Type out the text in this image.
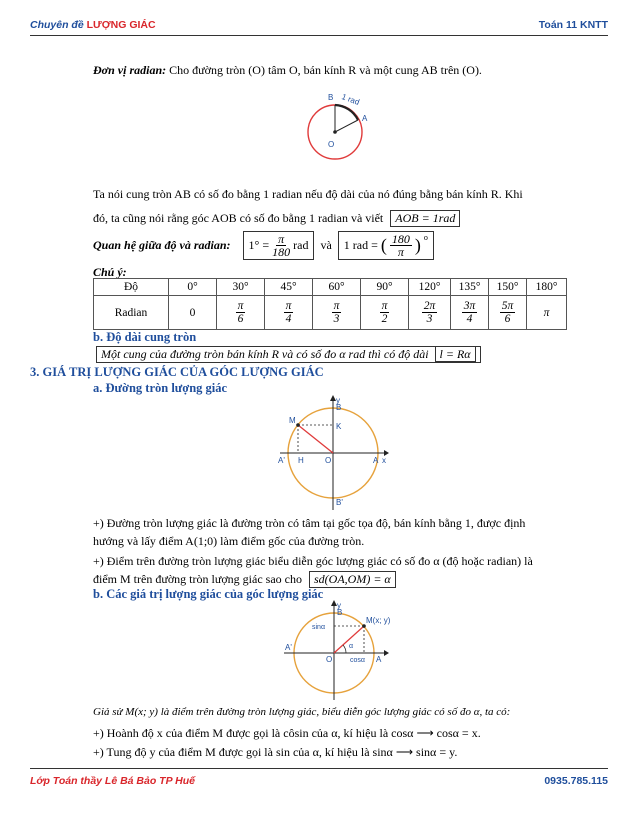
Chuyên đề LƯỢNG GIÁC	Toán 11 KNTT
Đơn vị radian: Cho đường tròn (O) tâm O, bán kính R và một cung AB trên (O).
B 1 rad
A
O
Ta nói cung tròn AB có số đo bằng 1 radian nếu độ dài của nó đúng bằng bán kính R. Khi
đó, ta cũng nói rằng góc AOB có số đo bằng 1 radian và viết AOB = 1rad
Quan hệ giữa độ và radian: $1^\circ = \frac{\pi}{180}$ rad và 1 rad = ( $\frac{180}{\pi}$ ) $^o$
Chú ý:
Độ	0°	30°	45°	60°	90°	120°	135°	150°	180°
Radian	0	$\frac{\pi}{6}$	$\frac{\pi}{4}$	$\frac{\pi}{3}$	$\frac{\pi}{2}$	$\frac{2\pi}{3}$	$\frac{3\pi}{4}$	$\frac{5\pi}{6}$	π
b. Độ dài cung tròn
Một cung của đường tròn bán kính R và có số đo α rad thì có độ dài l = Rα
3. GIÁ TRỊ LƯỢNG GIÁC CỦA GÓC LƯỢNG GIÁC
a. Đường tròn lượng giác
y
B
M
K
A' H	O	A x
B'
+) Đường tròn lượng giác là đường tròn có tâm tại gốc tọa độ, bán kính bằng 1, được định
hướng và lấy điểm A(1;0) làm điểm gốc của đường tròn.
+) Điểm trên đường tròn lượng giác biểu diễn góc lượng giác có số đo α (độ hoặc radian) là
điểm M trên đường tròn lượng giác sao cho sd(OA,OM) = α
b. Các giá trị lượng giác của góc lượng giác
y
B
M(x; y)
sinα
A'
O
α
A
cosα
Giả sử M(x; y) là điểm trên đường tròn lượng giác, biểu diễn góc lượng giác có số đo α, ta có:
+) Hoành độ x của điểm M được gọi là côsin của α, kí hiệu là cosα ⟶ cosα = x.
+) Tung độ y của điểm M được gọi là sin của α, kí hiệu là sinα ⟶ sinα = y.
Lớp Toán thầy Lê Bá Bảo TP Huế	0935.785.115
